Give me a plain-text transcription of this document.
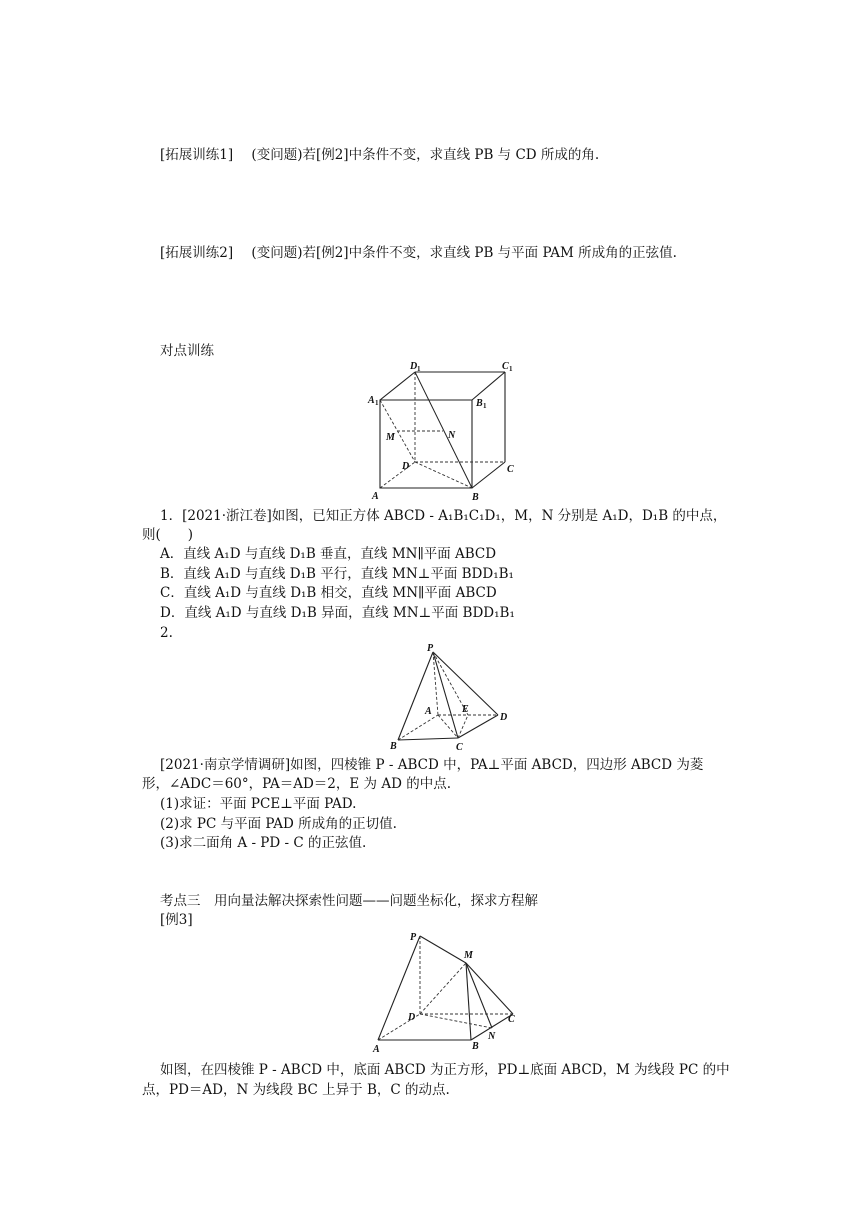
[拓展训练1] (变问题)若[例2]中条件不变，求直线 PB 与 CD 所成的角.
[拓展训练2] (变问题)若[例2]中条件不变，求直线 PB 与平面 PAM 所成角的正弦值.
对点训练
D 1	C 1
A 1	B 1
M	N
D	C
A	B
1．[2021·浙江卷]如图，已知正方体 ABCD - A₁B₁C₁D₁，M，N 分别是 A₁D，D₁B 的中点，
则(　　)
A．直线 A₁D 与直线 D₁B 垂直，直线 MN∥平面 ABCD
B．直线 A₁D 与直线 D₁B 平行，直线 MN⊥平面 BDD₁B₁
C．直线 A₁D 与直线 D₁B 相交，直线 MN∥平面 ABCD
D．直线 A₁D 与直线 D₁B 异面，直线 MN⊥平面 BDD₁B₁
2.
P
A	E
D
B	C
[2021·南京学情调研]如图，四棱锥 P - ABCD 中，PA⊥平面 ABCD，四边形 ABCD 为菱
形，∠ADC＝60°，PA＝AD＝2，E 为 AD 的中点.
(1)求证：平面 PCE⊥平面 PAD.
(2)求 PC 与平面 PAD 所成角的正切值.
(3)求二面角 A - PD - C 的正弦值.
考点三　用向量法解决探索性问题——问题坐标化，探求方程解
[例3]
P
M
D	C
N
A	B
如图，在四棱锥 P - ABCD 中，底面 ABCD 为正方形，PD⊥底面 ABCD，M 为线段 PC 的中
点，PD＝AD，N 为线段 BC 上异于 B，C 的动点.
